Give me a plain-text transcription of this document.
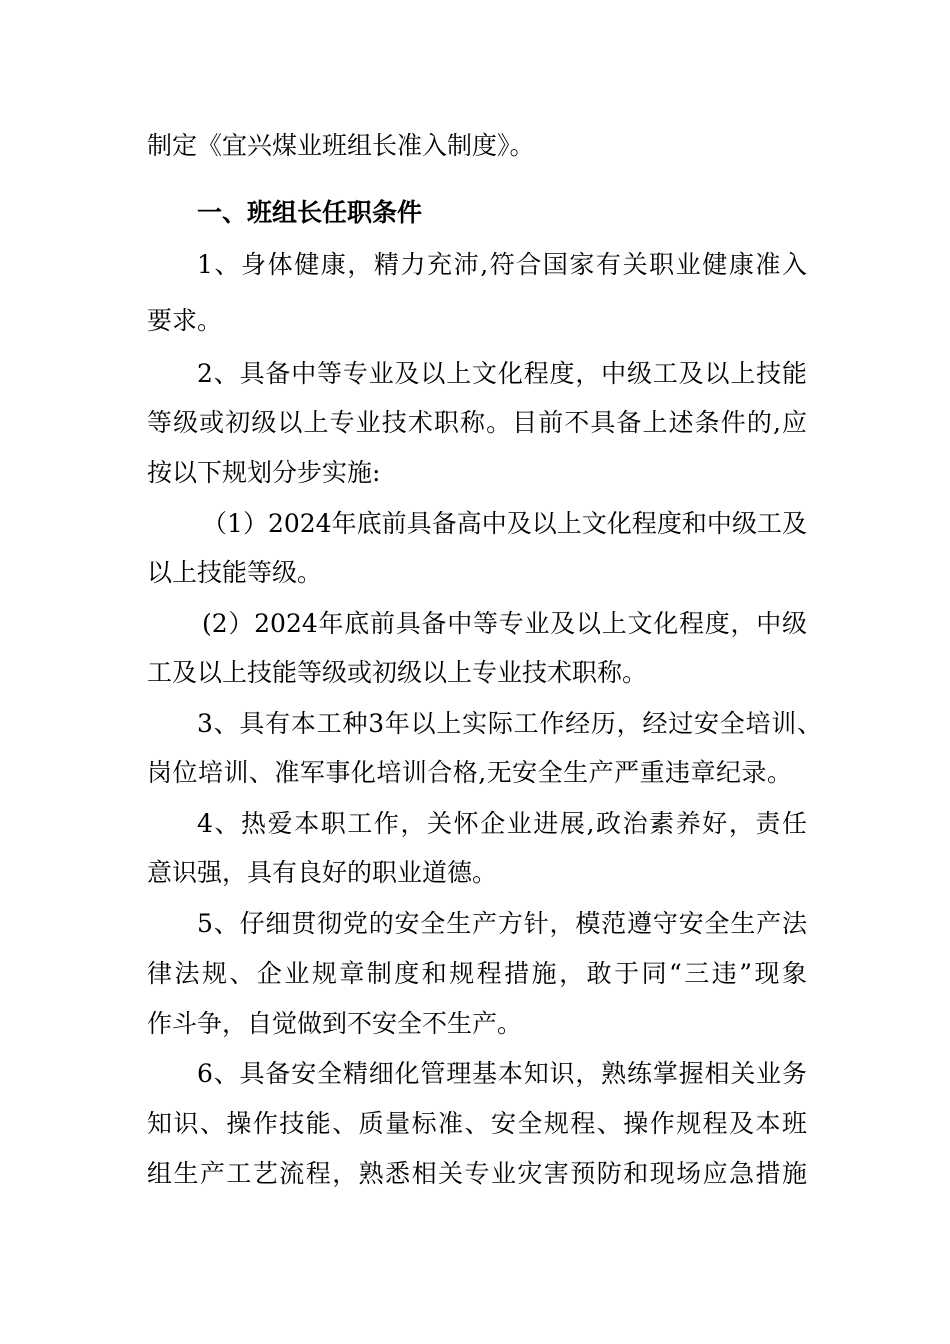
制定《宜兴煤业班组长准入制度》。
一、班组长任职条件
1、身体健康，精力充沛,符合国家有关职业健康准入
要求。
2、具备中等专业及以上文化程度，中级工及以上技能
等级或初级以上专业技术职称。目前不具备上述条件的,应
按以下规划分步实施:
（1）2024年底前具备高中及以上文化程度和中级工及
以上技能等级。
(2）2024年底前具备中等专业及以上文化程度，中级
工及以上技能等级或初级以上专业技术职称。
3、具有本工种3年以上实际工作经历，经过安全培训、
岗位培训、准军事化培训合格,无安全生产严重违章纪录。
4、热爱本职工作，关怀企业进展,政治素养好，责任
意识强，具有良好的职业道德。
5、仔细贯彻党的安全生产方针，模范遵守安全生产法
律法规、企业规章制度和规程措施，敢于同“三违”现象
作斗争，自觉做到不安全不生产。
6、具备安全精细化管理基本知识，熟练掌握相关业务
知识、操作技能、质量标准、安全规程、操作规程及本班
组生产工艺流程，熟悉相关专业灾害预防和现场应急措施
